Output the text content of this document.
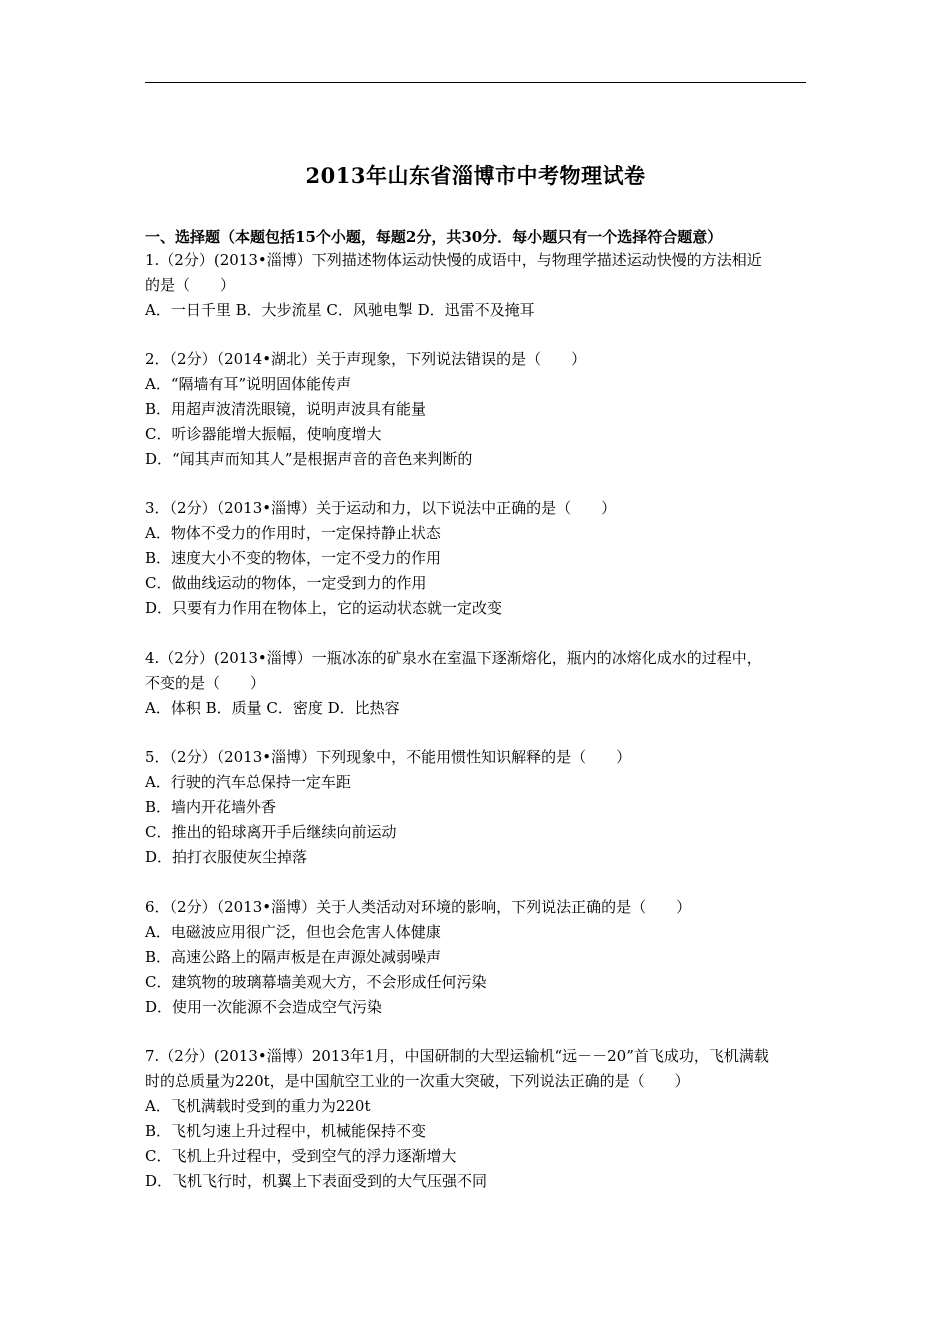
2013年山东省淄博市中考物理试卷
一、选择题（本题包括15个小题，每题2分，共30分．每小题只有一个选择符合题意）
1.（2分）(2013•淄博）下列描述物体运动快慢的成语中，与物理学描述运动快慢的方法相近
的是（　　）
A．一日千里 B．大步流星 C．风驰电掣 D．迅雷不及掩耳
2．（2分）（2014•湖北）关于声现象，下列说法错误的是（　　）
A．“隔墙有耳”说明固体能传声
B．用超声波清洗眼镜，说明声波具有能量
C．听诊器能增大振幅，使响度增大
D．“闻其声而知其人”是根据声音的音色来判断的
3．（2分）（2013•淄博）关于运动和力，以下说法中正确的是（　　）
A．物体不受力的作用时，一定保持静止状态
B．速度大小不变的物体，一定不受力的作用
C．做曲线运动的物体，一定受到力的作用
D．只要有力作用在物体上，它的运动状态就一定改变
4.（2分）(2013•淄博）一瓶冰冻的矿泉水在室温下逐渐熔化，瓶内的冰熔化成水的过程中，
不变的是（　　）
A．体积 B．质量 C．密度 D．比热容
5．（2分）（2013•淄博）下列现象中，不能用惯性知识解释的是（　　）
A．行驶的汽车总保持一定车距
B．墙内开花墙外香
C．推出的铅球离开手后继续向前运动
D．拍打衣服使灰尘掉落
6．（2分）（2013•淄博）关于人类活动对环境的影响，下列说法正确的是（　　）
A．电磁波应用很广泛，但也会危害人体健康
B．高速公路上的隔声板是在声源处减弱噪声
C．建筑物的玻璃幕墙美观大方，不会形成任何污染
D．使用一次能源不会造成空气污染
7.（2分）(2013•淄博）2013年1月，中国研制的大型运输机“远－－20”首飞成功，飞机满载
时的总质量为220t，是中国航空工业的一次重大突破，下列说法正确的是（　　）
A．飞机满载时受到的重力为220t
B．飞机匀速上升过程中，机械能保持不变
C．飞机上升过程中，受到空气的浮力逐渐增大
D．飞机飞行时，机翼上下表面受到的大气压强不同
